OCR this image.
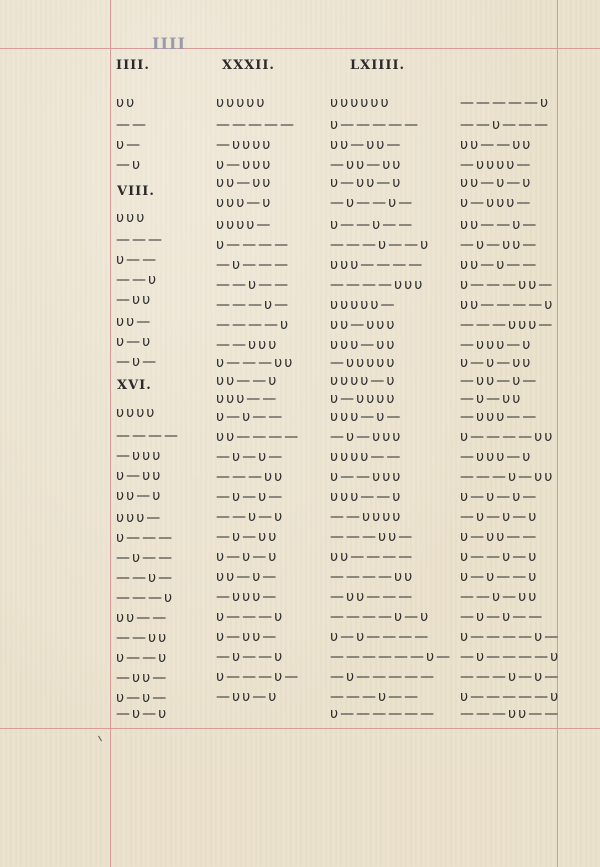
IIII
IIII.	XXXII.	LXIIII.
VIII.
XVI.
υυ
——
υ—
—υ
υυυ
———
υ——
——υ
—υυ
υυ—
υ—υ
—υ—
υυυυ
————
—υυυ
υ—υυ
υυ—υ
υυυ—
υ———
—υ——
——υ—
———υ
υυ——
——υυ
υ——υ
—υυ—
υ—υ—
—υ—υ
υυυυυ
—————
—υυυυ
υ—υυυ
υυ—υυ
υυυ—υ
υυυυ—
υ————
—υ———
——υ——
———υ—
————υ
——υυυ
υ———υυ
υυ——υ
υυυ——
υ—υ——
υυ————
—υ—υ—
———υυ
—υ—υ—
——υ—υ
—υ—υυ
υ—υ—υ
υυ—υ—
—υυυ—
υ———υ
υ—υυ—
—υ——υ
υ———υ—
—υυ—υ
υυυυυυ
υ—————
υυ—υυ—
—υυ—υυ
υ—υυ—υ
—υ——υ—
υ——υ——
———υ——υ
υυυ————
————υυυ
υυυυυ—
υυ—υυυ
υυυ—υυ
—υυυυυ
υυυυ—υ
υ—υυυυ
υυυ—υ—
—υ—υυυ
υυυυ——
υ——υυυ
υυυ——υ
——υυυυ
———υυ—
υυ————
————υυ
—υυ———
————υ—υ
υ—υ————
——————υ—
—υ—————
———υ——
υ——————
—————υ
——υ———
υυ——υυ
—υυυυ—
υυ—υ—υ
υ—υυυ—
υυ——υ—
—υ—υυ—
υυ—υ——
υ———υυ—
υυ————υ
———υυυ—
—υυυ—υ
υ—υ—υυ
—υυ—υ—
—υ—υυ
—υυυ——
υ————υυ
—υυυ—υ
———υ—υυ
υ—υ—υ—
—υ—υ—υ
υ—υυ——
υ——υ—υ
υ—υ——υ
——υ—υυ
—υ—υ——
υ————υ—
—υ————υ
———υ—υ—
υ—————υ
———υυ——
